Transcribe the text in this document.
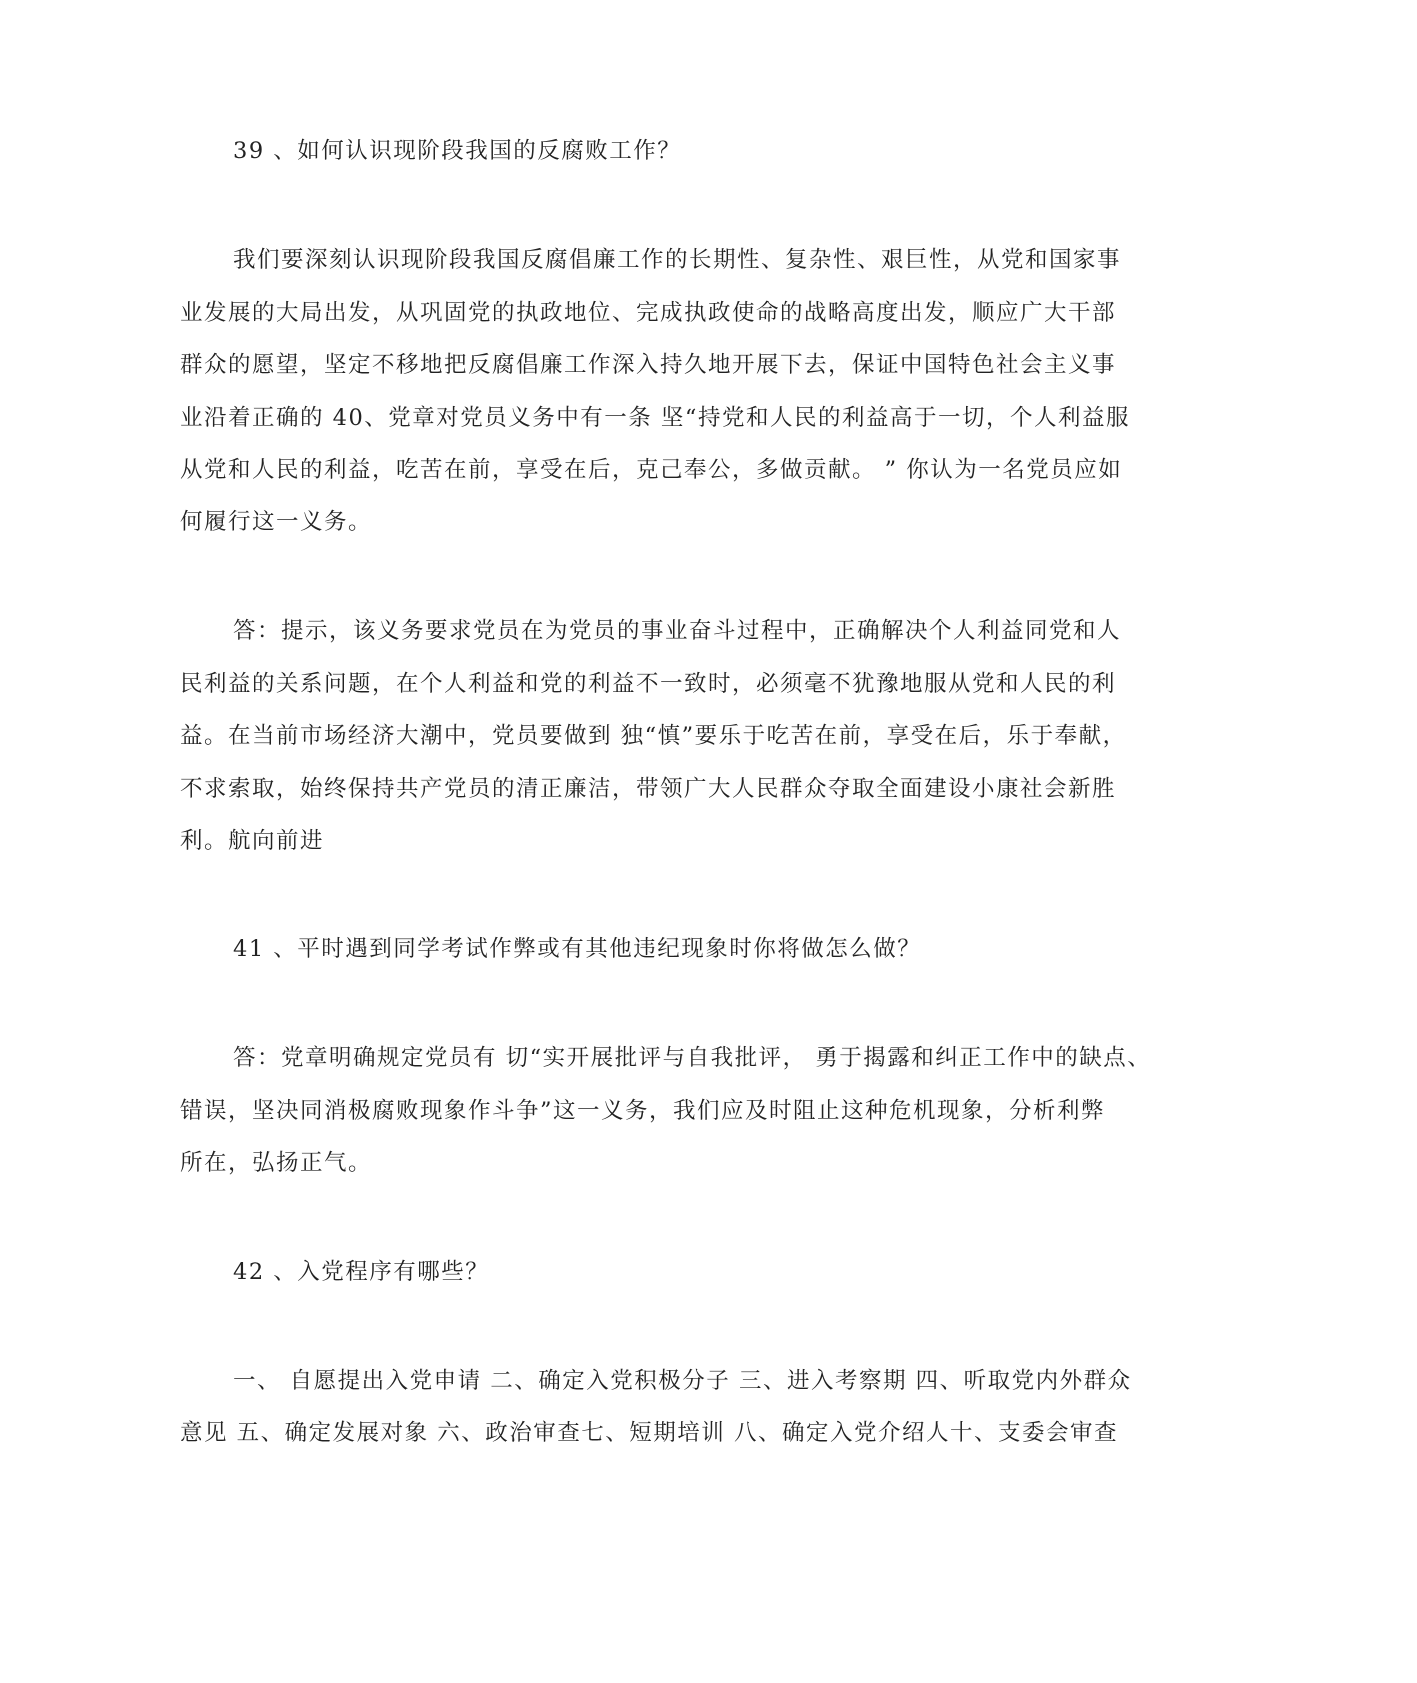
39 、如何认识现阶段我国的反腐败工作？

我们要深刻认识现阶段我国反腐倡廉工作的长期性、复杂性、艰巨性，从党和国家事

业发展的大局出发，从巩固党的执政地位、完成执政使命的战略高度出发，顺应广大干部

群众的愿望，坚定不移地把反腐倡廉工作深入持久地开展下去，保证中国特色社会主义事

业沿着正确的 40、党章对党员义务中有一条 坚“持党和人民的利益高于一切，个人利益服

从党和人民的利益，吃苦在前，享受在后，克己奉公，多做贡献。 ” 你认为一名党员应如

何履行这一义务。

答：提示，该义务要求党员在为党员的事业奋斗过程中，正确解决个人利益同党和人

民利益的关系问题，在个人利益和党的利益不一致时，必须毫不犹豫地服从党和人民的利

益。在当前市场经济大潮中，党员要做到 独“慎”要乐于吃苦在前，享受在后，乐于奉献，

不求索取，始终保持共产党员的清正廉洁，带领广大人民群众夺取全面建设小康社会新胜

利。航向前进

41 、平时遇到同学考试作弊或有其他违纪现象时你将做怎么做？

答：党章明确规定党员有 切“实开展批评与自我批评， 勇于揭露和纠正工作中的缺点、

错误，坚决同消极腐败现象作斗争”这一义务，我们应及时阻止这种危机现象，分析利弊

所在，弘扬正气。

42 、入党程序有哪些？

一、 自愿提出入党申请 二、确定入党积极分子 三、进入考察期 四、听取党内外群众

意见 五、确定发展对象 六、政治审查七、短期培训 八、确定入党介绍人十、支委会审查
